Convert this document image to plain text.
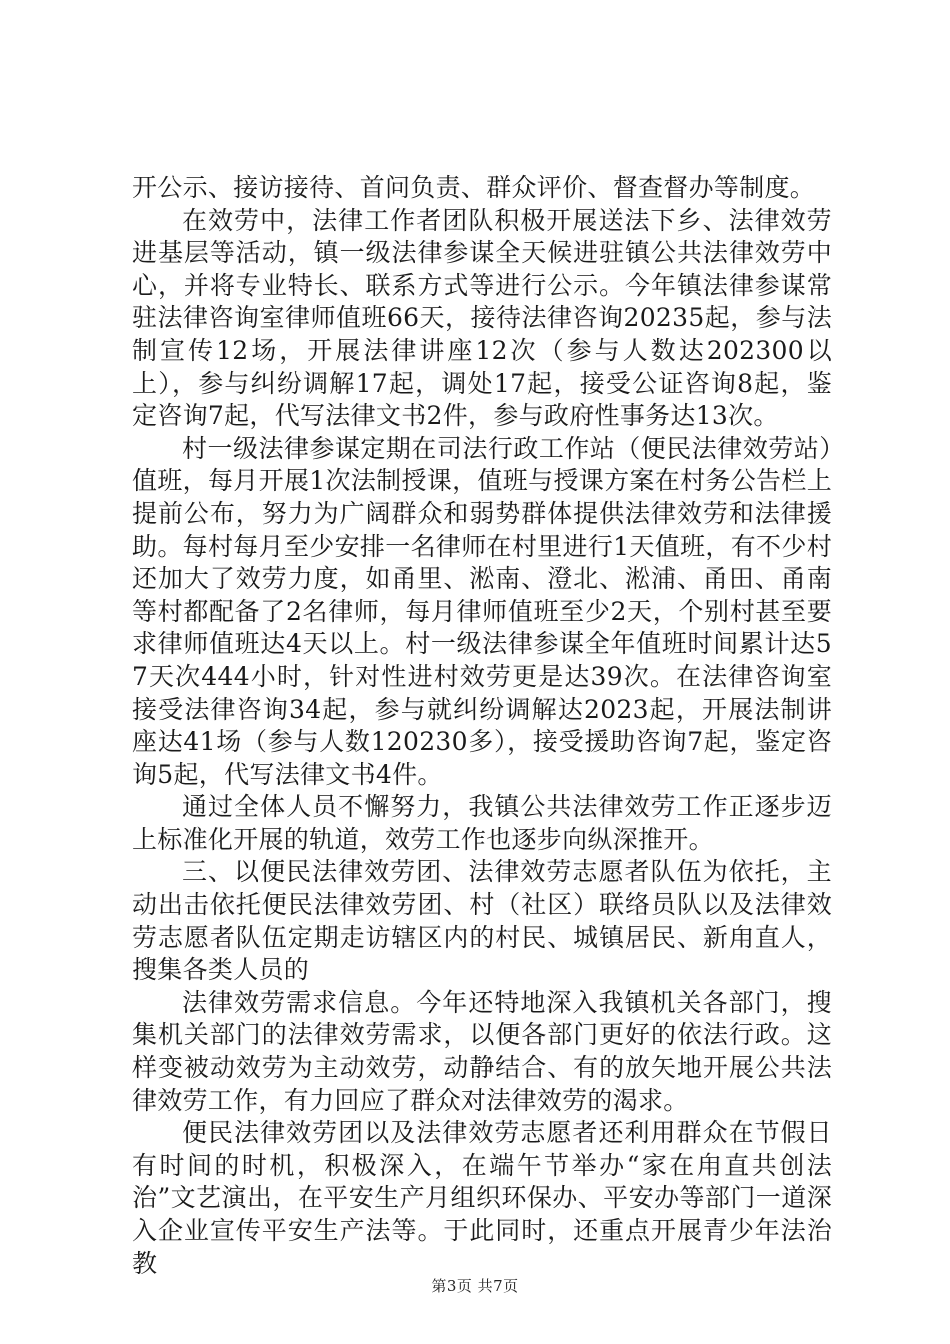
开公示、接访接待、首问负责、群众评价、督查督办等制度。

在效劳中，法律工作者团队积极开展送法下乡、法律效劳进基层等活动，镇一级法律参谋全天候进驻镇公共法律效劳中心，并将专业特长、联系方式等进行公示。今年镇法律参谋常驻法律咨询室律师值班66天，接待法律咨询20235起，参与法制宣传12场，开展法律讲座12次（参与人数达202300以上），参与纠纷调解17起，调处17起，接受公证咨询8起，鉴定咨询7起，代写法律文书2件，参与政府性事务达13次。

村一级法律参谋定期在司法行政工作站（便民法律效劳站）值班，每月开展1次法制授课，值班与授课方案在村务公告栏上提前公布，努力为广阔群众和弱势群体提供法律效劳和法律援助。每村每月至少安排一名律师在村里进行1天值班，有不少村还加大了效劳力度，如甬里、淞南、澄北、淞浦、甬田、甬南等村都配备了2名律师，每月律师值班至少2天，个别村甚至要求律师值班达4天以上。村一级法律参谋全年值班时间累计达57天次444小时，针对性进村效劳更是达39次。在法律咨询室接受法律咨询34起，参与就纠纷调解达2023起，开展法制讲座达41场（参与人数120230多），接受援助咨询7起，鉴定咨询5起，代写法律文书4件。

通过全体人员不懈努力，我镇公共法律效劳工作正逐步迈上标准化开展的轨道，效劳工作也逐步向纵深推开。

三、以便民法律效劳团、法律效劳志愿者队伍为依托，主动出击依托便民法律效劳团、村（社区）联络员队以及法律效劳志愿者队伍定期走访辖区内的村民、城镇居民、新甪直人，搜集各类人员的

法律效劳需求信息。今年还特地深入我镇机关各部门，搜集机关部门的法律效劳需求，以便各部门更好的依法行政。这样变被动效劳为主动效劳，动静结合、有的放矢地开展公共法律效劳工作，有力回应了群众对法律效劳的渴求。

便民法律效劳团以及法律效劳志愿者还利用群众在节假日有时间的时机，积极深入，在端午节举办“家在甪直共创法治”文艺演出，在平安生产月组织环保办、平安办等部门一道深入企业宣传平安生产法等。于此同时，还重点开展青少年法治教

第3页 共7页
